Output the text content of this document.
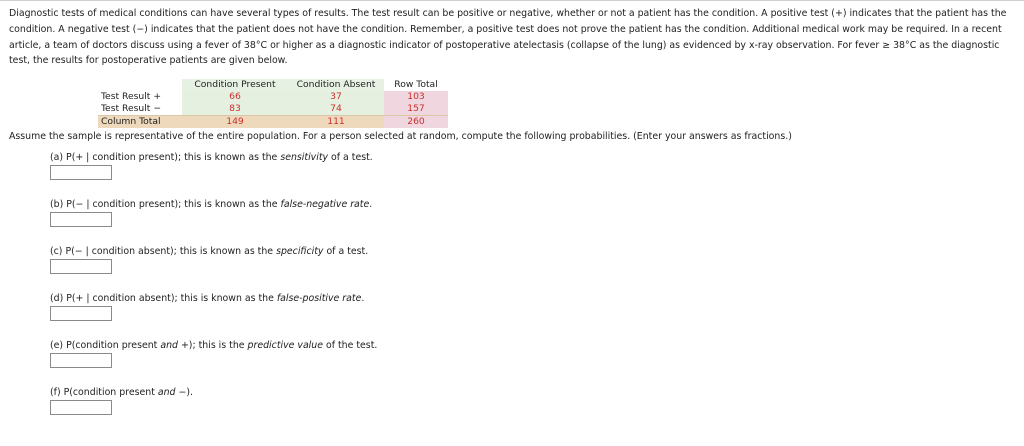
Diagnostic tests of medical conditions can have several types of results. The test result can be positive or negative, whether or not a patient has the condition. A positive test (+) indicates that the patient has the condition. A negative test (−) indicates that the patient does not have the condition. Remember, a positive test does not prove the patient has the condition. Additional medical work may be required. In a recent article, a team of doctors discuss using a fever of 38°C or higher as a diagnostic indicator of postoperative atelectasis (collapse of the lung) as evidenced by x-ray observation. For fever ≥ 38°C as the diagnostic test, the results for postoperative patients are given below.

	Condition Present	Condition Absent	Row Total
Test Result +	66	37	103
Test Result −	83	74	157
Column Total	149	111	260

Assume the sample is representative of the entire population. For a person selected at random, compute the following probabilities. (Enter your answers as fractions.)

(a) P(+ | condition present); this is known as the sensitivity of a test.

(b) P(− | condition present); this is known as the false-negative rate.

(c) P(− | condition absent); this is known as the specificity of a test.

(d) P(+ | condition absent); this is known as the false-positive rate.

(e) P(condition present and +); this is the predictive value of the test.

(f) P(condition present and −).
